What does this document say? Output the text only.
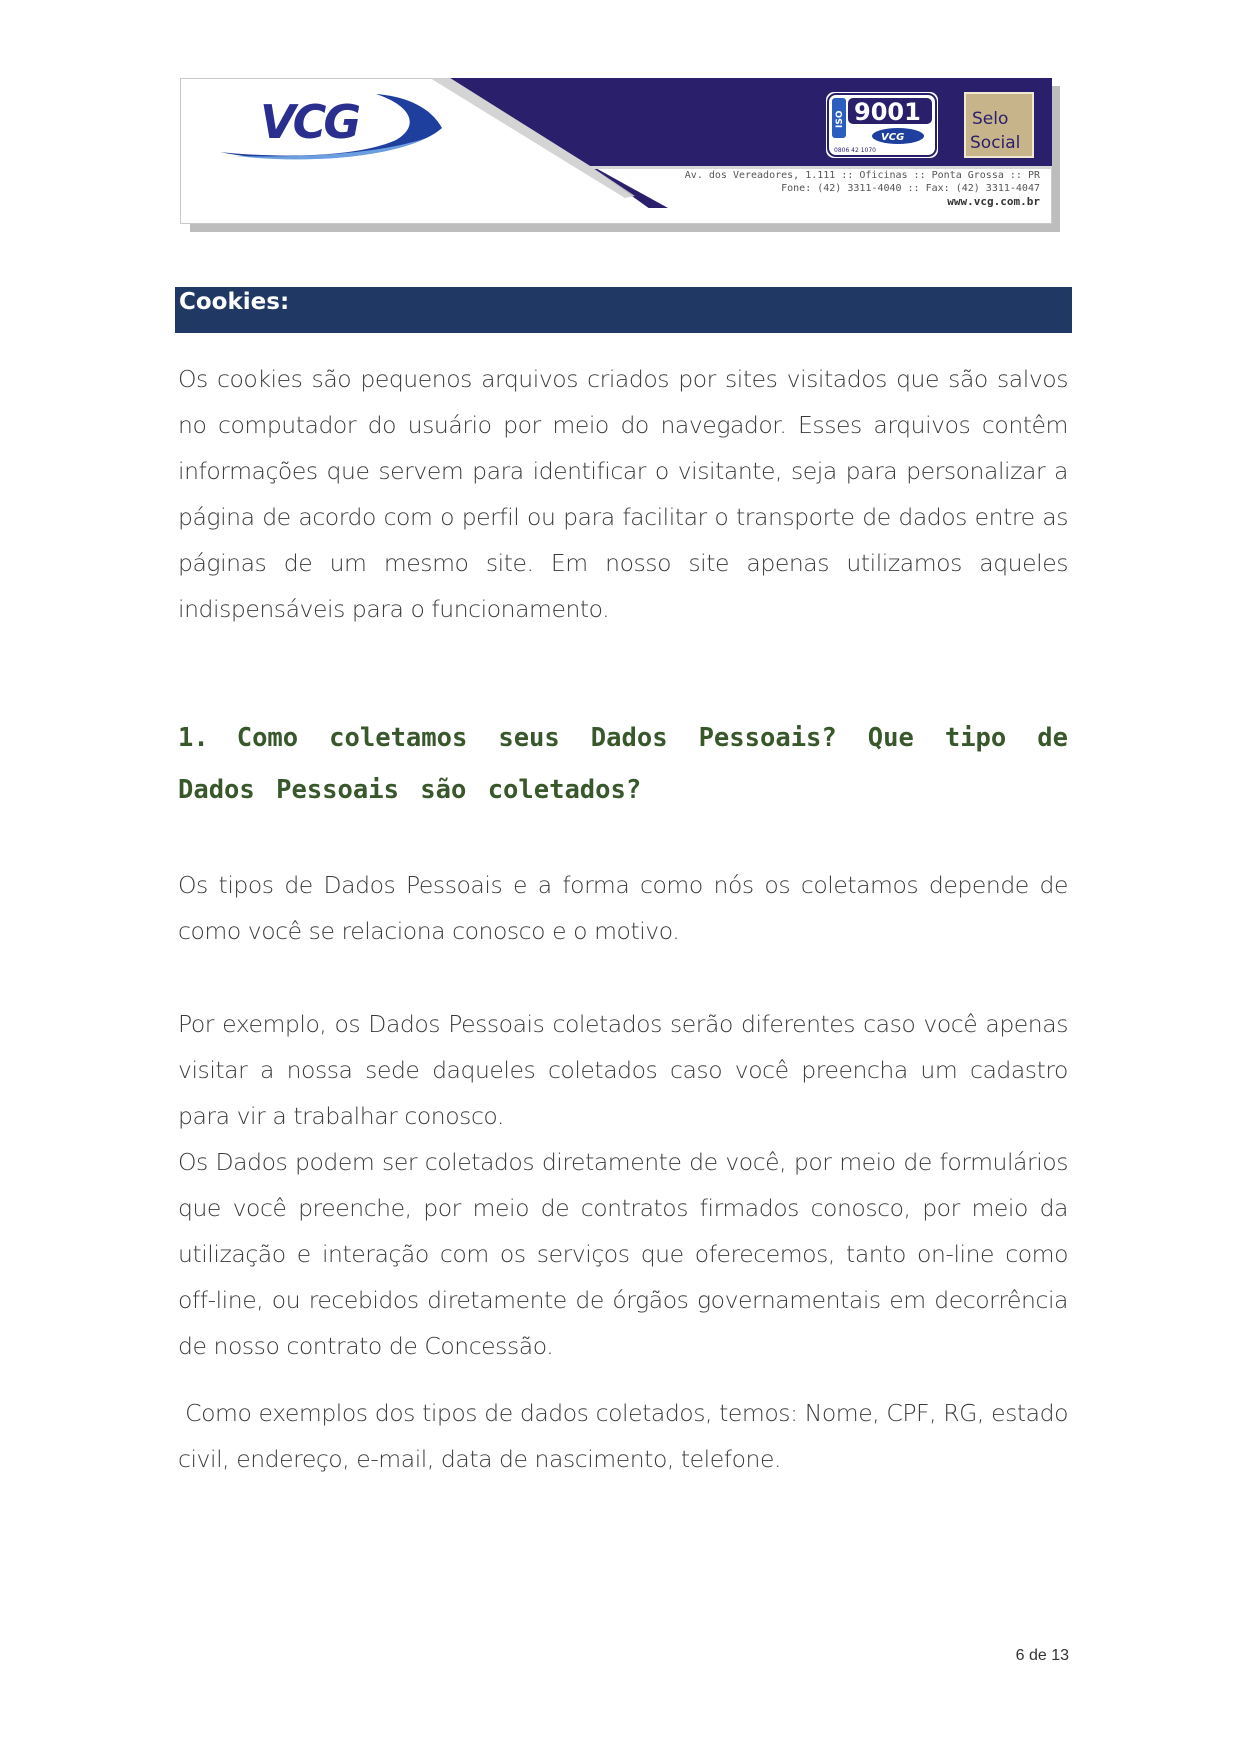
VCG	ISO 9001
VCG
0806 42 1070
Selo
Social
Av. dos Vereadores, 1.111 :: Oficinas :: Ponta Grossa :: PR
Fone: (42) 3311-4040 :: Fax: (42) 3311-4047
www.vcg.com.br
Cookies:
Os cookies são pequenos arquivos criados por sites visitados que são salvos no computador do usuário por meio do navegador. Esses arquivos contêm informações que servem para identificar o visitante, seja para personalizar a página de acordo com o perfil ou para facilitar o transporte de dados entre as páginas de um mesmo site. Em nosso site apenas utilizamos aqueles indispensáveis para o funcionamento.
1. Como coletamos seus Dados Pessoais? Que tipo de Dados Pessoais são coletados?
Os tipos de Dados Pessoais e a forma como nós os coletamos depende de como você se relaciona conosco e o motivo.
Por exemplo, os Dados Pessoais coletados serão diferentes caso você apenas visitar a nossa sede daqueles coletados caso você preencha um cadastro para vir a trabalhar conosco.
Os Dados podem ser coletados diretamente de você, por meio de formulários que você preenche, por meio de contratos firmados conosco, por meio da utilização e interação com os serviços que oferecemos, tanto on-line como off-line, ou recebidos diretamente de órgãos governamentais em decorrência de nosso contrato de Concessão.
Como exemplos dos tipos de dados coletados, temos: Nome, CPF, RG, estado civil, endereço, e-mail, data de nascimento, telefone.
6 de 13
